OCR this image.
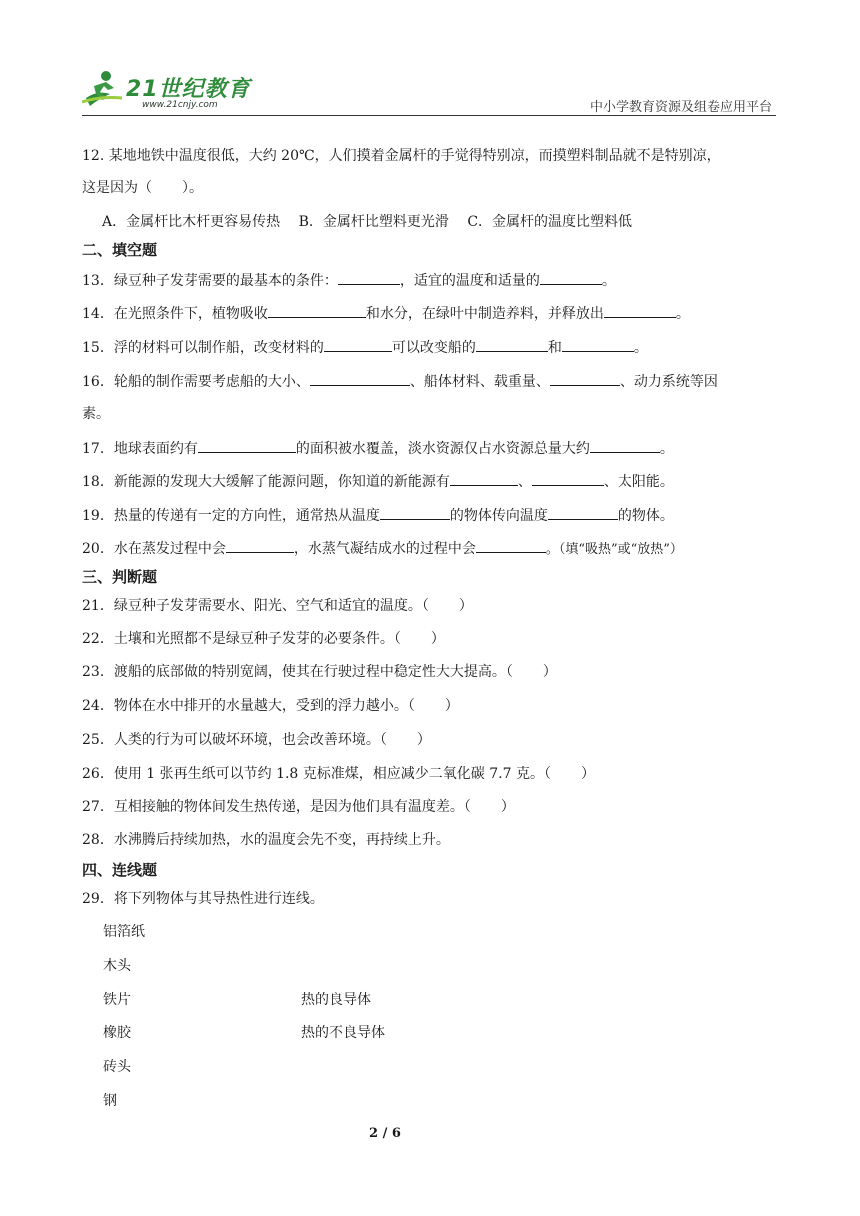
21世纪教育
www.21cnjy.com	中小学教育资源及组卷应用平台
12. 某地地铁中温度很低，大约 20℃，人们摸着金属杆的手觉得特别凉，而摸塑料制品就不是特别凉，
这是因为（ ）。
A．金属杆比木杆更容易传热 B．金属杆比塑料更光滑 C．金属杆的温度比塑料低
二、填空题
13．绿豆种子发芽需要的最基本的条件：	，适宜的温度和适量的	。
14．在光照条件下，植物吸收	和水分，在绿叶中制造养料，并释放出	。
15．浮的材料可以制作船，改变材料的	可以改变船的	和	。
16．轮船的制作需要考虑船的大小、	、船体材料、载重量、	、动力系统等因
素。
17．地球表面约有	的面积被水覆盖，淡水资源仅占水资源总量大约	。
18．新能源的发现大大缓解了能源问题，你知道的新能源有	、	、太阳能。
19．热量的传递有一定的方向性，通常热从温度	的物体传向温度	的物体。
20．水在蒸发过程中会	，水蒸气凝结成水的过程中会	。（填“吸热”或“放热”）
三、判断题
21．绿豆种子发芽需要水、阳光、空气和适宜的温度。（ ）
22．土壤和光照都不是绿豆种子发芽的必要条件。（ ）
23．渡船的底部做的特别宽阔，使其在行驶过程中稳定性大大提高。（ ）
24．物体在水中排开的水量越大，受到的浮力越小。（ ）
25．人类的行为可以破坏环境，也会改善环境。（ ）
26．使用 1 张再生纸可以节约 1.8 克标准煤，相应减少二氧化碳 7.7 克。（ ）
27．互相接触的物体间发生热传递，是因为他们具有温度差。（ ）
28．水沸腾后持续加热，水的温度会先不变，再持续上升。
四、连线题
29．将下列物体与其导热性进行连线。
铝箔纸
木头
铁片
橡胶
砖头
钢
热的良导体
热的不良导体
2 / 6
